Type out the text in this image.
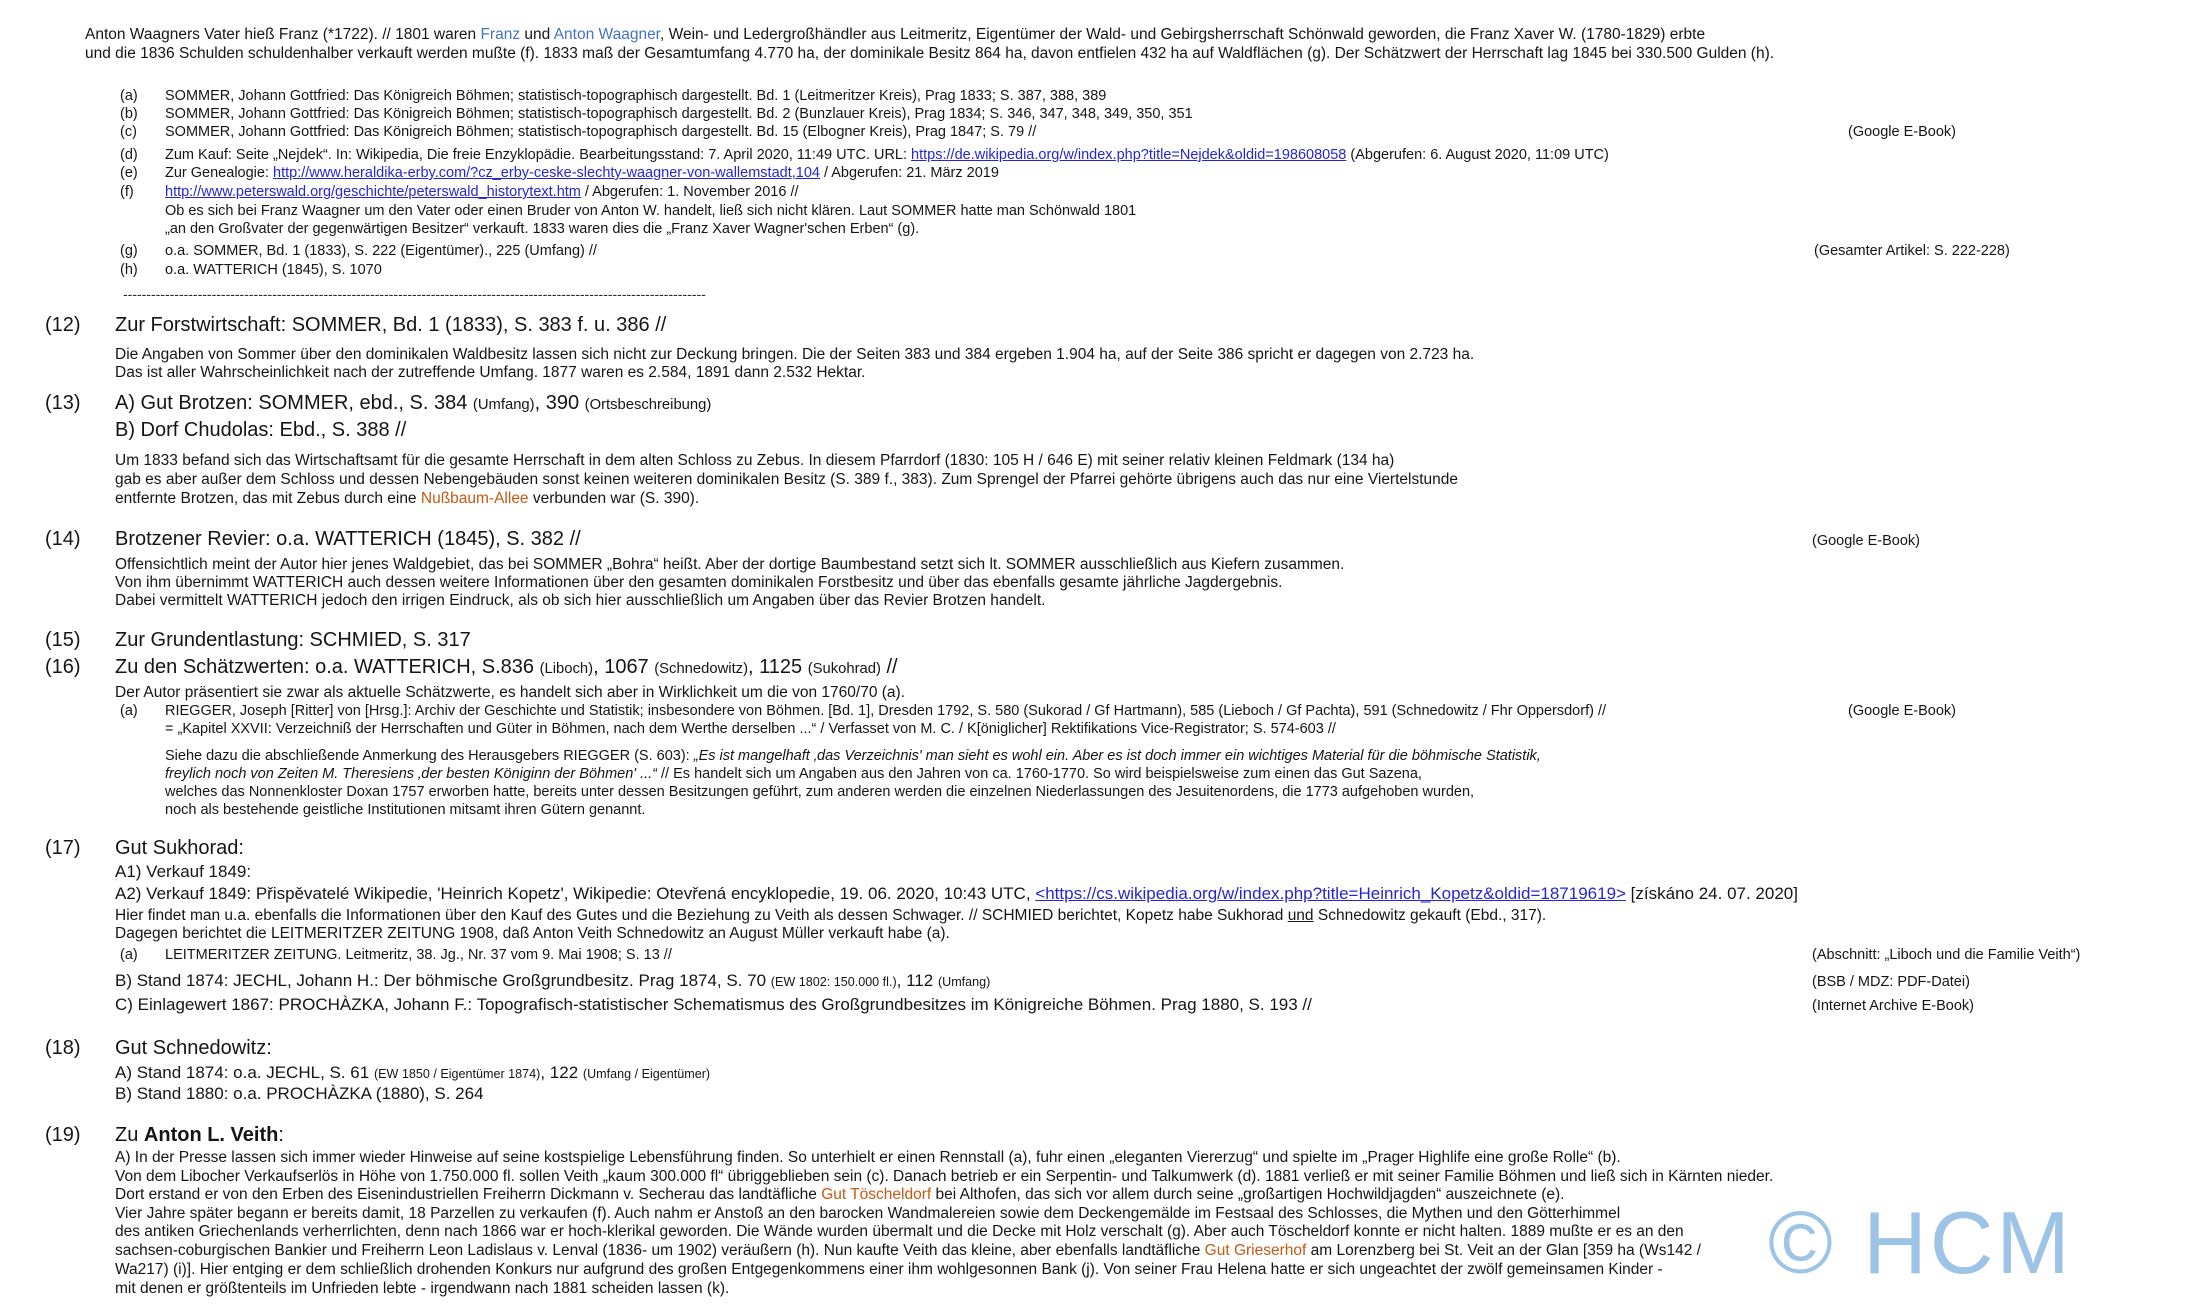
Anton Waagners Vater hieß Franz (*1722). // 1801 waren Franz und Anton Waagner, Wein- und Ledergroßhändler aus Leitmeritz, Eigentümer der Wald- und Gebirgsherrschaft Schönwald geworden, die Franz Xaver W. (1780-1829) erbte
und die 1836 Schulden schuldenhalber verkauft werden mußte (f). 1833 maß der Gesamtumfang 4.770 ha, der dominikale Besitz 864 ha, davon entfielen 432 ha auf Waldflächen (g). Der Schätzwert der Herrschaft lag 1845 bei 330.500 Gulden (h).
(a) SOMMER, Johann Gottfried: Das Königreich Böhmen; statistisch-topographisch dargestellt. Bd. 1 (Leitmeritzer Kreis), Prag 1833; S. 387, 388, 389
(b) SOMMER, Johann Gottfried: Das Königreich Böhmen; statistisch-topographisch dargestellt. Bd. 2 (Bunzlauer Kreis), Prag 1834; S. 346, 347, 348, 349, 350, 351
(c) SOMMER, Johann Gottfried: Das Königreich Böhmen; statistisch-topographisch dargestellt. Bd. 15 (Elbogner Kreis), Prag 1847; S. 79 //	(Google E-Book)
(d) Zum Kauf: Seite „Nejdek“. In: Wikipedia, Die freie Enzyklopädie. Bearbeitungsstand: 7. April 2020, 11:49 UTC. URL: https://de.wikipedia.org/w/index.php?title=Nejdek&oldid=198608058 (Abgerufen: 6. August 2020, 11:09 UTC)
(e) Zur Genealogie: http://www.heraldika-erby.com/?cz_erby-ceske-slechty-waagner-von-wallemstadt,104 / Abgerufen: 21. März 2019
(f) http://www.peterswald.org/geschichte/peterswald_historytext.htm / Abgerufen: 1. November 2016 //
Ob es sich bei Franz Waagner um den Vater oder einen Bruder von Anton W. handelt, ließ sich nicht klären. Laut SOMMER hatte man Schönwald 1801
„an den Großvater der gegenwärtigen Besitzer“ verkauft. 1833 waren dies die „Franz Xaver Wagner'schen Erben“ (g).
(g) o.a. SOMMER, Bd. 1 (1833), S. 222 (Eigentümer)., 225 (Umfang) //	(Gesamter Artikel: S. 222-228)
(h) o.a. WATTERICH (1845), S. 1070
-----------------------------------------------------------------------------------------------------------------------------
(12) Zur Forstwirtschaft: SOMMER, Bd. 1 (1833), S. 383 f. u. 386 //
Die Angaben von Sommer über den dominikalen Waldbesitz lassen sich nicht zur Deckung bringen. Die der Seiten 383 und 384 ergeben 1.904 ha, auf der Seite 386 spricht er dagegen von 2.723 ha.
Das ist aller Wahrscheinlichkeit nach der zutreffende Umfang. 1877 waren es 2.584, 1891 dann 2.532 Hektar.
(13) A) Gut Brotzen: SOMMER, ebd., S. 384 (Umfang), 390 (Ortsbeschreibung)
B) Dorf Chudolas: Ebd., S. 388 //
Um 1833 befand sich das Wirtschaftsamt für die gesamte Herrschaft in dem alten Schloss zu Zebus. In diesem Pfarrdorf (1830: 105 H / 646 E) mit seiner relativ kleinen Feldmark (134 ha)
gab es aber außer dem Schloss und dessen Nebengebäuden sonst keinen weiteren dominikalen Besitz (S. 389 f., 383). Zum Sprengel der Pfarrei gehörte übrigens auch das nur eine Viertelstunde
entfernte Brotzen, das mit Zebus durch eine Nußbaum-Allee verbunden war (S. 390).
(14) Brotzener Revier: o.a. WATTERICH (1845), S. 382 //	(Google E-Book)
Offensichtlich meint der Autor hier jenes Waldgebiet, das bei SOMMER „Bohra“ heißt. Aber der dortige Baumbestand setzt sich lt. SOMMER ausschließlich aus Kiefern zusammen.
Von ihm übernimmt WATTERICH auch dessen weitere Informationen über den gesamten dominikalen Forstbesitz und über das ebenfalls gesamte jährliche Jagdergebnis.
Dabei vermittelt WATTERICH jedoch den irrigen Eindruck, als ob sich hier ausschließlich um Angaben über das Revier Brotzen handelt.
(15) Zur Grundentlastung: SCHMIED, S. 317
(16) Zu den Schätzwerten: o.a. WATTERICH, S.836 (Liboch), 1067 (Schnedowitz), 1125 (Sukohrad) //
Der Autor präsentiert sie zwar als aktuelle Schätzwerte, es handelt sich aber in Wirklichkeit um die von 1760/70 (a).
(a) RIEGGER, Joseph [Ritter] von [Hrsg.]: Archiv der Geschichte und Statistik; insbesondere von Böhmen. [Bd. 1], Dresden 1792, S. 580 (Sukorad / Gf Hartmann), 585 (Lieboch / Gf Pachta), 591 (Schnedowitz / Fhr Oppersdorf) //	(Google E-Book)
= „Kapitel XXVII: Verzeichniß der Herrschaften und Güter in Böhmen, nach dem Werthe derselben ...“ / Verfasset von M. C. / K[öniglicher] Rektifikations Vice-Registrator; S. 574-603 //
Siehe dazu die abschließende Anmerkung des Herausgebers RIEGGER (S. 603): „Es ist mangelhaft ‚das Verzeichnis' man sieht es wohl ein. Aber es ist doch immer ein wichtiges Material für die böhmische Statistik,
freylich noch von Zeiten M. Theresiens ‚der besten Königinn der Böhmen' ...“ // Es handelt sich um Angaben aus den Jahren von ca. 1760-1770. So wird beispielsweise zum einen das Gut Sazena,
welches das Nonnenkloster Doxan 1757 erworben hatte, bereits unter dessen Besitzungen geführt, zum anderen werden die einzelnen Niederlassungen des Jesuitenordens, die 1773 aufgehoben wurden,
noch als bestehende geistliche Institutionen mitsamt ihren Gütern genannt.
(17) Gut Sukhorad:
A1) Verkauf 1849:
A2) Verkauf 1849: Přispěvatelé Wikipedie, 'Heinrich Kopetz', Wikipedie: Otevřená encyklopedie, 19. 06. 2020, 10:43 UTC, <https://cs.wikipedia.org/w/index.php?title=Heinrich_Kopetz&oldid=18719619> [získáno 24. 07. 2020]
Hier findet man u.a. ebenfalls die Informationen über den Kauf des Gutes und die Beziehung zu Veith als dessen Schwager. // SCHMIED berichtet, Kopetz habe Sukhorad und Schnedowitz gekauft (Ebd., 317).
Dagegen berichtet die LEITMERITZER ZEITUNG 1908, daß Anton Veith Schnedowitz an August Müller verkauft habe (a).
(a) LEITMERITZER ZEITUNG. Leitmeritz, 38. Jg., Nr. 37 vom 9. Mai 1908; S. 13 //	(Abschnitt: „Liboch und die Familie Veith“)
B) Stand 1874: JECHL, Johann H.: Der böhmische Großgrundbesitz. Prag 1874, S. 70 (EW 1802: 150.000 fl.), 112 (Umfang)	(BSB / MDZ: PDF-Datei)
C) Einlagewert 1867: PROCHÀZKA, Johann F.: Topografisch-statistischer Schematismus des Großgrundbesitzes im Königreiche Böhmen. Prag 1880, S. 193 //	(Internet Archive E-Book)
(18) Gut Schnedowitz:
A) Stand 1874: o.a. JECHL, S. 61 (EW 1850 / Eigentümer 1874), 122 (Umfang / Eigentümer)
B) Stand 1880: o.a. PROCHÀZKA (1880), S. 264
(19) Zu Anton L. Veith:
A) In der Presse lassen sich immer wieder Hinweise auf seine kostspielige Lebensführung finden. So unterhielt er einen Rennstall (a), fuhr einen „eleganten Viererzug“ und spielte im „Prager Highlife eine große Rolle“ (b).
Von dem Libocher Verkaufserlös in Höhe von 1.750.000 fl. sollen Veith „kaum 300.000 fl“ übriggeblieben sein (c). Danach betrieb er ein Serpentin- und Talkumwerk (d). 1881 verließ er mit seiner Familie Böhmen und ließ sich in Kärnten nieder.
Dort erstand er von den Erben des Eisenindustriellen Freiherrn Dickmann v. Secherau das landtäfliche Gut Töscheldorf bei Althofen, das sich vor allem durch seine „großartigen Hochwildjagden“ auszeichnete (e).
Vier Jahre später begann er bereits damit, 18 Parzellen zu verkaufen (f). Auch nahm er Anstoß an den barocken Wandmalereien sowie dem Deckengemälde im Festsaal des Schlosses, die Mythen und den Götterhimmel
des antiken Griechenlands verherrlichten, denn nach 1866 war er hoch-klerikal geworden. Die Wände wurden übermalt und die Decke mit Holz verschalt (g). Aber auch Töscheldorf konnte er nicht halten. 1889 mußte er es an den
sachsen-coburgischen Bankier und Freiherrn Leon Ladislaus v. Lenval (1836- um 1902) veräußern (h). Nun kaufte Veith das kleine, aber ebenfalls landtäfliche Gut Grieserhof am Lorenzberg bei St. Veit an der Glan [359 ha (Ws142 /
Wa217) (i)]. Hier entging er dem schließlich drohenden Konkurs nur aufgrund des großen Entgegenkommens einer ihm wohlgesonnen Bank (j). Von seiner Frau Helena hatte er sich ungeachtet der zwölf gemeinsamen Kinder -
mit denen er größtenteils im Unfrieden lebte - irgendwann nach 1881 scheiden lassen (k).	© HCM
